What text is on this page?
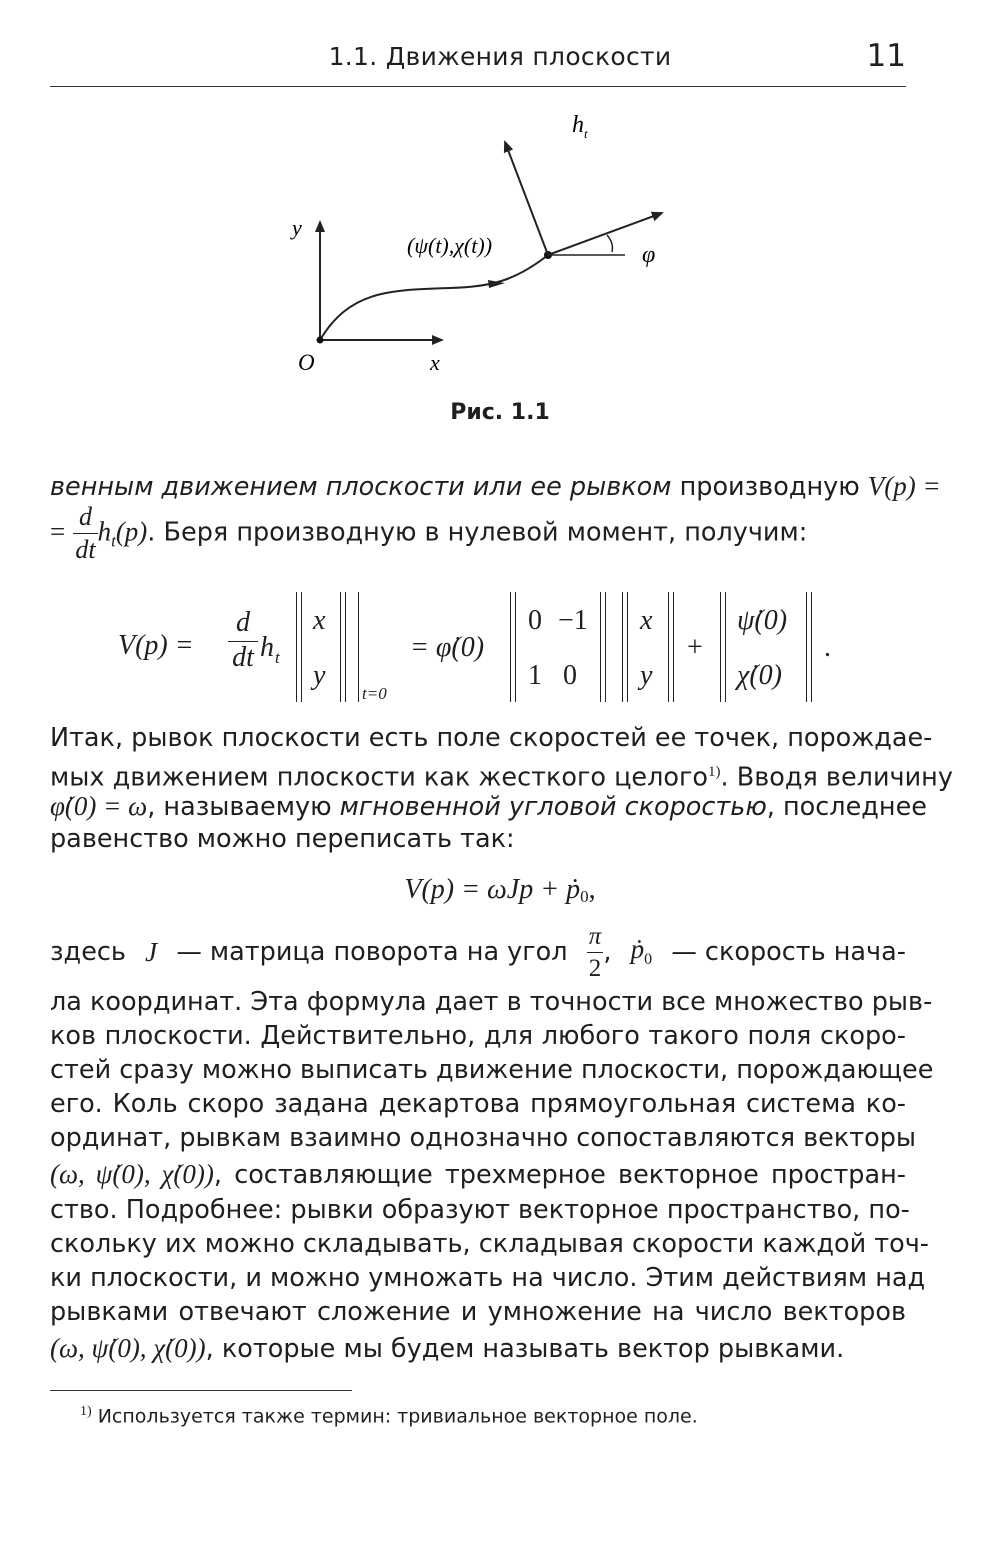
1.1. Движения плоскости	11
$h_t$
y
(ψ(t),χ(t))	φ
O	x
Рис. 1.1
венным движением плоскости или ее рывком производную V(p) =
= $\frac{d}{dt} h_t(p)$. Беря производную в нулевой момент, получим:
V(p) =
d
dt h t
x
y
t=0
= φ̇(0)
0 −1
1 0
x
y
+
ψ̇(0)
χ̇(0)
.
Итак, рывок плоскости есть поле скоростей ее точек, порождае-
мых движением плоскости как жесткого целого$^{1)}$. Вводя величину
φ̇(0) = ω, называемую мгновенной угловой скоростью, последнее
равенство можно переписать так:
V(p) = ωJp + ṗ$_0$,
здесь J — матрица поворота на угол $\frac{\pi}{2}$ , ṗ$_0$ — скорость нача-
ла координат. Эта формула дает в точности все множество рыв-
ков плоскости. Действительно, для любого такого поля скоро-
стей сразу можно выписать движение плоскости, порождающее
его. Коль скоро задана декартова прямоугольная система ко-
ординат, рывкам взаимно однозначно сопоставляются векторы
(ω, ψ̇(0), χ̇(0)), составляющие трехмерное векторное простран-
ство. Подробнее: рывки образуют векторное пространство, по-
скольку их можно складывать, складывая скорости каждой точ-
ки плоскости, и можно умножать на число. Этим действиям над
рывками отвечают сложение и умножение на число векторов
(ω, ψ̇(0), χ̇(0)), которые мы будем называть вектор рывками.
$^{1)}$ Используется также термин: тривиальное векторное поле.
